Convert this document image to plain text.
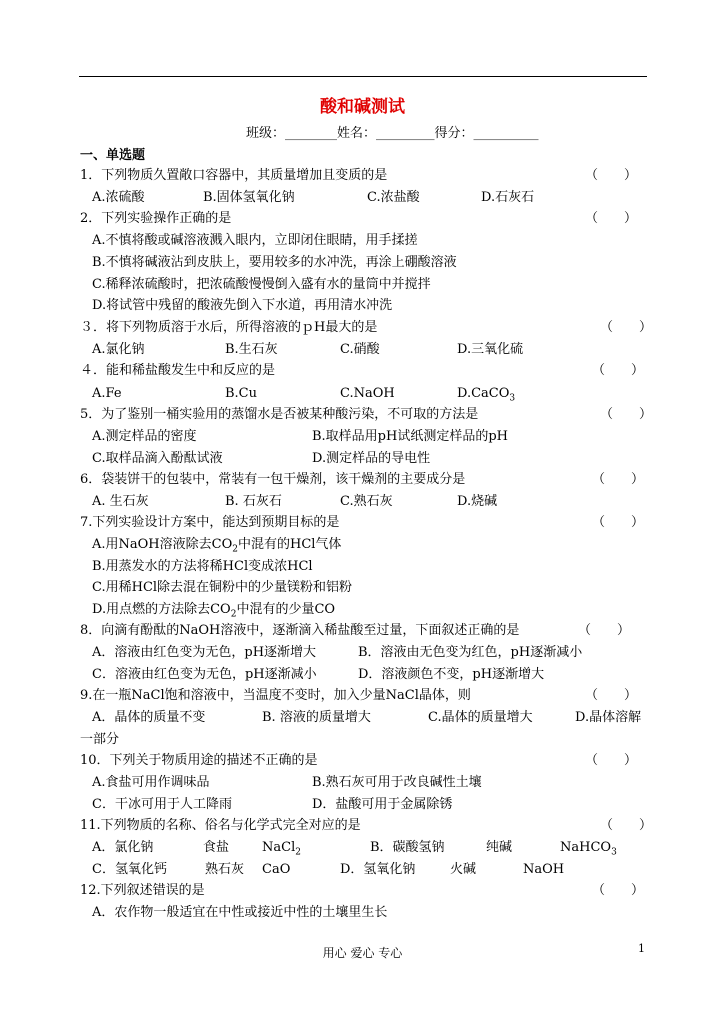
酸和碱测试
班级：________姓名：_________得分：__________
一、单选题
1．下列物质久置敞口容器中，其质量增加且变质的是	（　　）
A.浓硫酸	B.固体氢氧化钠	C.浓盐酸	D.石灰石
2．下列实验操作正确的是	（　　）
A.不慎将酸或碱溶液溅入眼内，立即闭住眼睛，用手揉搓
B.不慎将碱液沾到皮肤上，要用较多的水冲洗，再涂上硼酸溶液
C.稀释浓硫酸时，把浓硫酸慢慢倒入盛有水的量筒中并搅拌
D.将试管中残留的酸液先倒入下水道，再用清水冲洗
３．将下列物质溶于水后，所得溶液的ｐH最大的是	（　　）
A.氯化钠	B.生石灰	C.硝酸	D.三氧化硫
４．能和稀盐酸发生中和反应的是	（　　）
A.Fe	B.Cu	C.NaOH	D.CaCO$_3$
5．为了鉴别一桶实验用的蒸馏水是否被某种酸污染，不可取的方法是	（　　）
A.测定样品的密度	B.取样品用pH试纸测定样品的pH
C.取样品滴入酚酞试液	D.测定样品的导电性
6．袋装饼干的包装中，常装有一包干燥剂，该干燥剂的主要成分是	（　　）
A. 生石灰	B. 石灰石	C.熟石灰	D.烧碱
7.下列实验设计方案中，能达到预期目标的是	（　　）
A.用NaOH溶液除去$CO_2$中混有的HCl气体
B.用蒸发水的方法将稀HCl变成浓HCl
C.用稀HCl除去混在铜粉中的少量镁粉和铝粉
D.用点燃的方法除去$CO_2$中混有的少量CO
8．向滴有酚酞的NaOH溶液中，逐渐滴入稀盐酸至过量，下面叙述正确的是	（　　）
A．溶液由红色变为无色，pH逐渐增大	B．溶液由无色变为红色，pH逐渐减小
C．溶液由红色变为无色，pH逐渐减小	D．溶液颜色不变，pH逐渐增大
9.在一瓶NaCl饱和溶液中，当温度不变时，加入少量NaCl晶体，则	（　　）
A．晶体的质量不变	B. 溶液的质量增大	C.晶体的质量增大	D.晶体溶解
一部分
10．下列关于物质用途的描述不正确的是	（　　）
A.食盐可用作调味品	B.熟石灰可用于改良碱性土壤
C．干冰可用于人工降雨	D．盐酸可用于金属除锈
11.下列物质的名称、俗名与化学式完全对应的是	（　　）
A．氯化钠	食盐	NaCl$_2$	B．碳酸氢钠	纯碱	NaHCO$_3$
C．氢氧化钙	熟石灰 CaO	D．氢氧化钠	火碱	NaOH
12.下列叙述错误的是	（　　）
A．农作物一般适宜在中性或接近中性的土壤里生长
用心 爱心 专心	1
